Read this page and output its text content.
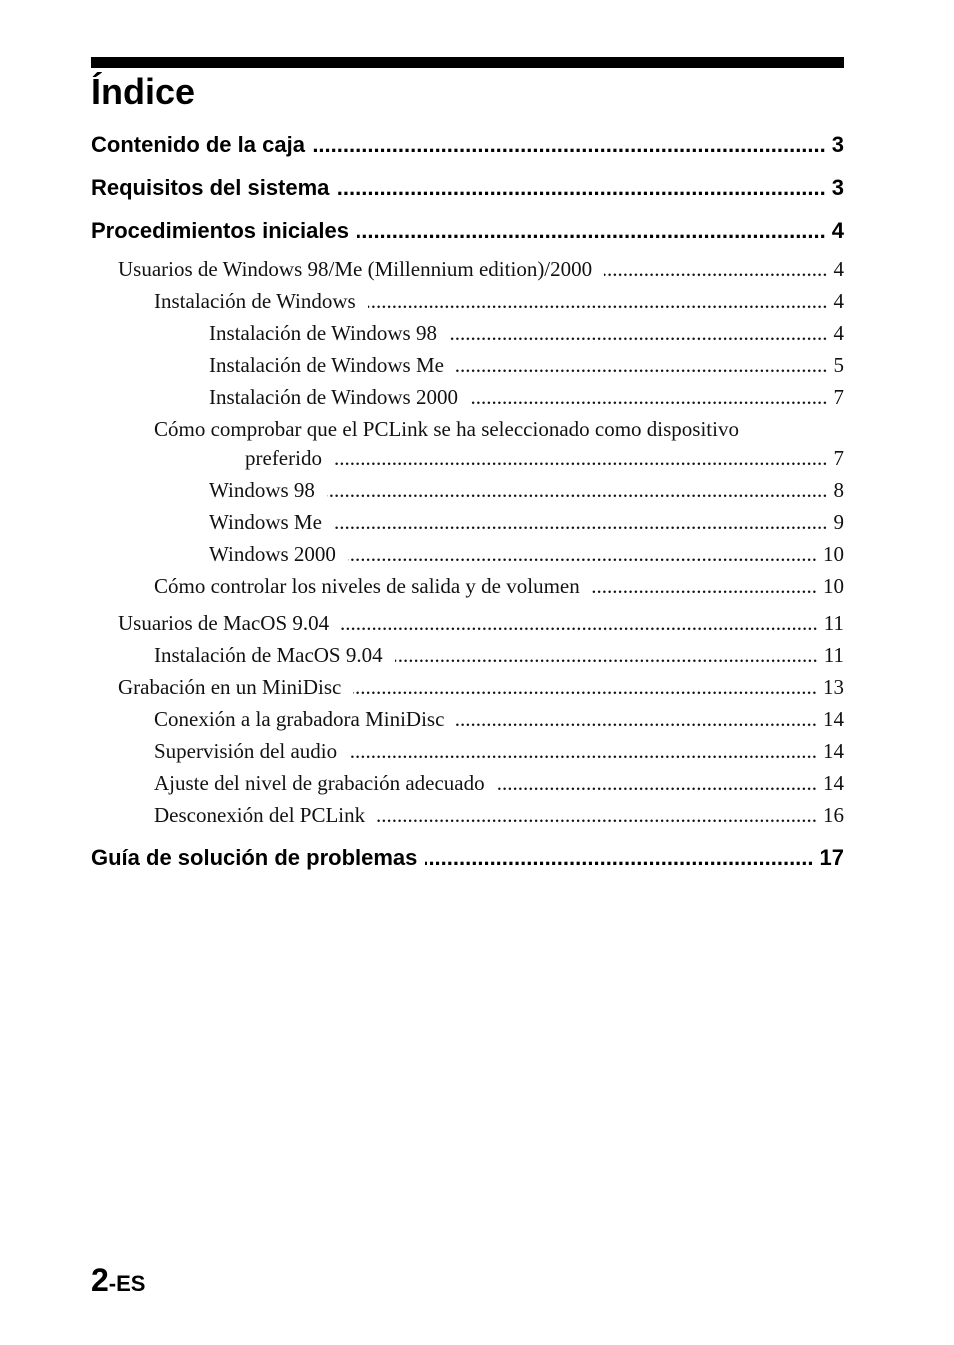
Índice
Contenido de la caja .....	3
Requisitos del sistema .....	3
Procedimientos iniciales .....	4
Usuarios de Windows 98/Me (Millennium edition)/2000 .....	4
Instalación de Windows .....	4
Instalación de Windows 98 .....	4
Instalación de Windows Me .....	5
Instalación de Windows 2000 .....	7
Cómo comprobar que el PCLink se ha seleccionado como dispositivo
preferido .....	7
Windows 98 .....	8
Windows Me .....	9
Windows 2000 .....	10
Cómo controlar los niveles de salida y de volumen .....	10
Usuarios de MacOS 9.04 .....	11
Instalación de MacOS 9.04 .....	11
Grabación en un MiniDisc .....	13
Conexión a la grabadora MiniDisc .....	14
Supervisión del audio .....	14
Ajuste del nivel de grabación adecuado .....	14
Desconexión del PCLink .....	16
Guía de solución de problemas .....	17
2-ES
